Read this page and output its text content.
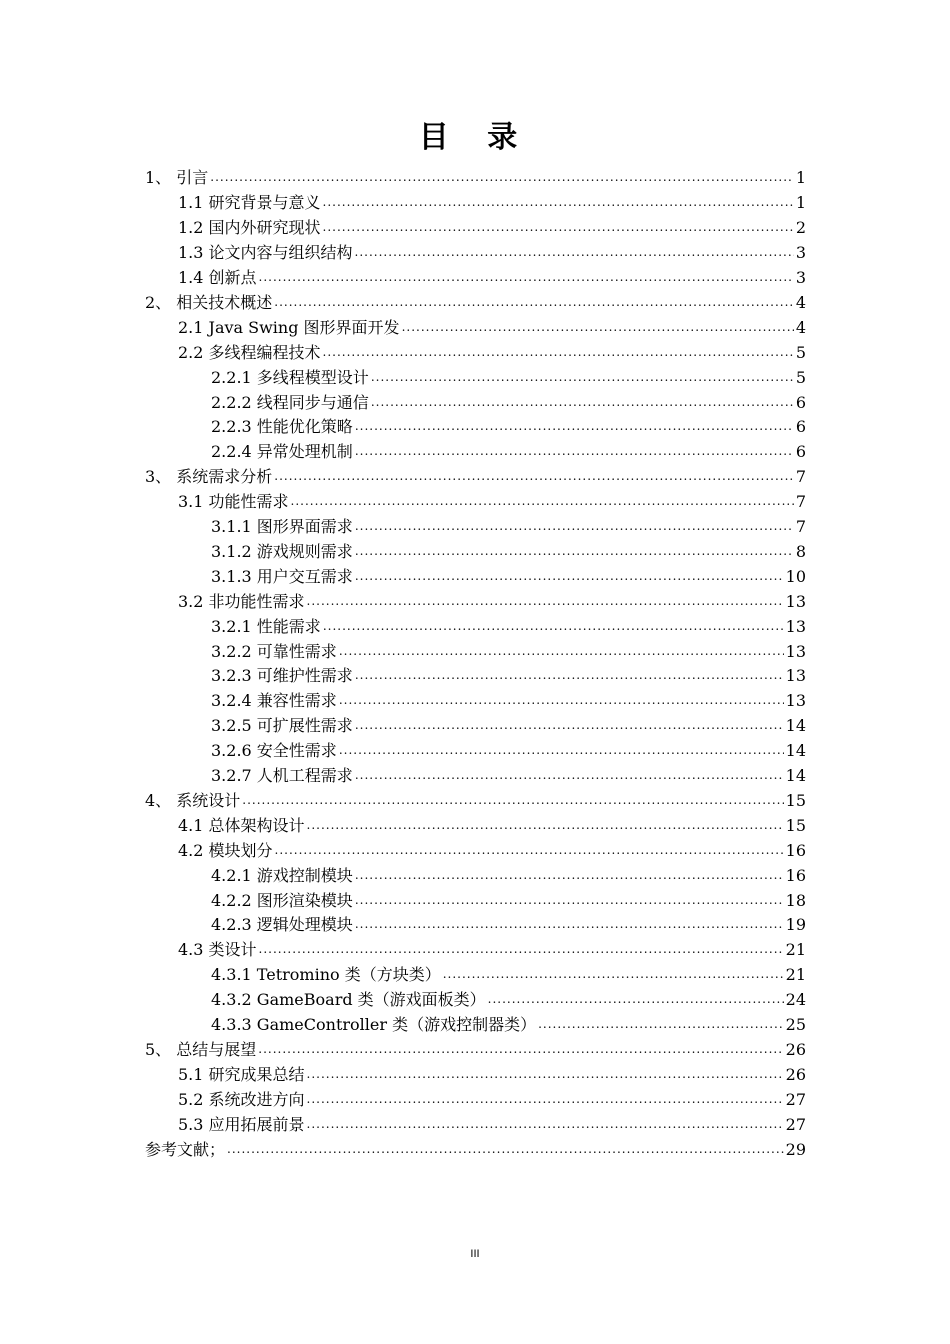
目 录
1、 引言 .....	1
1.1 研究背景与意义 .....	1
1.2 国内外研究现状 .....	2
1.3 论文内容与组织结构 .....	3
1.4 创新点 .....	3
2、 相关技术概述 .....	4
2.1 Java Swing 图形界面开发 .....	4
2.2 多线程编程技术 .....	5
2.2.1 多线程模型设计 .....	5
2.2.2 线程同步与通信 .....	6
2.2.3 性能优化策略 .....	6
2.2.4 异常处理机制 .....	6
3、 系统需求分析 .....	7
3.1 功能性需求 .....	7
3.1.1 图形界面需求 .....	7
3.1.2 游戏规则需求 .....	8
3.1.3 用户交互需求 .....	10
3.2 非功能性需求 .....	13
3.2.1 性能需求 .....	13
3.2.2 可靠性需求 .....	13
3.2.3 可维护性需求 .....	13
3.2.4 兼容性需求 .....	13
3.2.5 可扩展性需求 .....	14
3.2.6 安全性需求 .....	14
3.2.7 人机工程需求 .....	14
4、 系统设计 .....	15
4.1 总体架构设计 .....	15
4.2 模块划分 .....	16
4.2.1 游戏控制模块 .....	16
4.2.2 图形渲染模块 .....	18
4.2.3 逻辑处理模块 .....	19
4.3 类设计 .....	21
4.3.1 Tetromino 类（方块类） .....	21
4.3.2 GameBoard 类（游戏面板类） .....	24
4.3.3 GameController 类（游戏控制器类） .....	25
5、 总结与展望 .....	26
5.1 研究成果总结 .....	26
5.2 系统改进方向 .....	27
5.3 应用拓展前景 .....	27
参考文献； .....	29
III
